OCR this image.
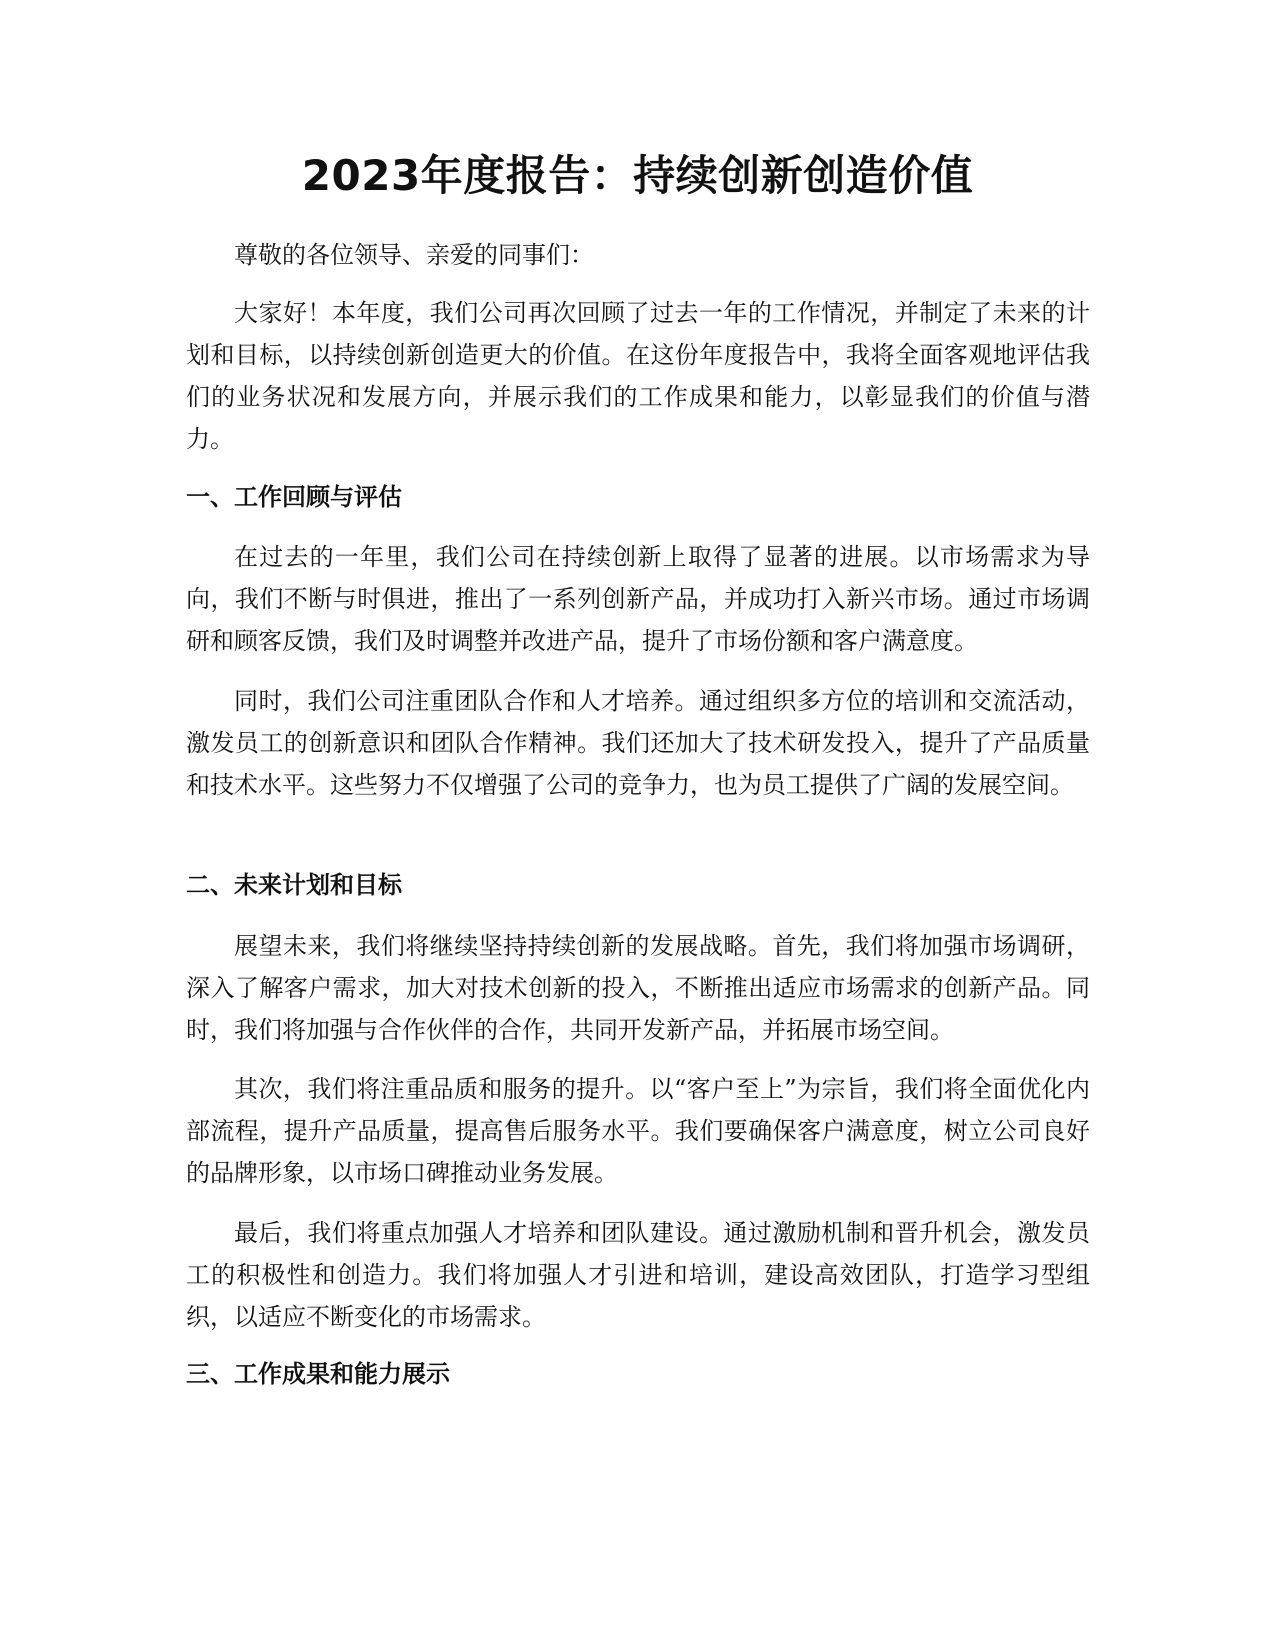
2023年度报告：持续创新创造价值

尊敬的各位领导、亲爱的同事们：

大家好！本年度，我们公司再次回顾了过去一年的工作情况，并制定了未来的计划和目标，以持续创新创造更大的价值。在这份年度报告中，我将全面客观地评估我们的业务状况和发展方向，并展示我们的工作成果和能力，以彰显我们的价值与潜力。

一、工作回顾与评估

在过去的一年里，我们公司在持续创新上取得了显著的进展。以市场需求为导向，我们不断与时俱进，推出了一系列创新产品，并成功打入新兴市场。通过市场调研和顾客反馈，我们及时调整并改进产品，提升了市场份额和客户满意度。

同时，我们公司注重团队合作和人才培养。通过组织多方位的培训和交流活动，激发员工的创新意识和团队合作精神。我们还加大了技术研发投入，提升了产品质量和技术水平。这些努力不仅增强了公司的竞争力，也为员工提供了广阔的发展空间。

二、未来计划和目标

展望未来，我们将继续坚持持续创新的发展战略。首先，我们将加强市场调研，深入了解客户需求，加大对技术创新的投入，不断推出适应市场需求的创新产品。同时，我们将加强与合作伙伴的合作，共同开发新产品，并拓展市场空间。

其次，我们将注重品质和服务的提升。以“客户至上”为宗旨，我们将全面优化内部流程，提升产品质量，提高售后服务水平。我们要确保客户满意度，树立公司良好的品牌形象，以市场口碑推动业务发展。

最后，我们将重点加强人才培养和团队建设。通过激励机制和晋升机会，激发员工的积极性和创造力。我们将加强人才引进和培训，建设高效团队，打造学习型组织，以适应不断变化的市场需求。

三、工作成果和能力展示
